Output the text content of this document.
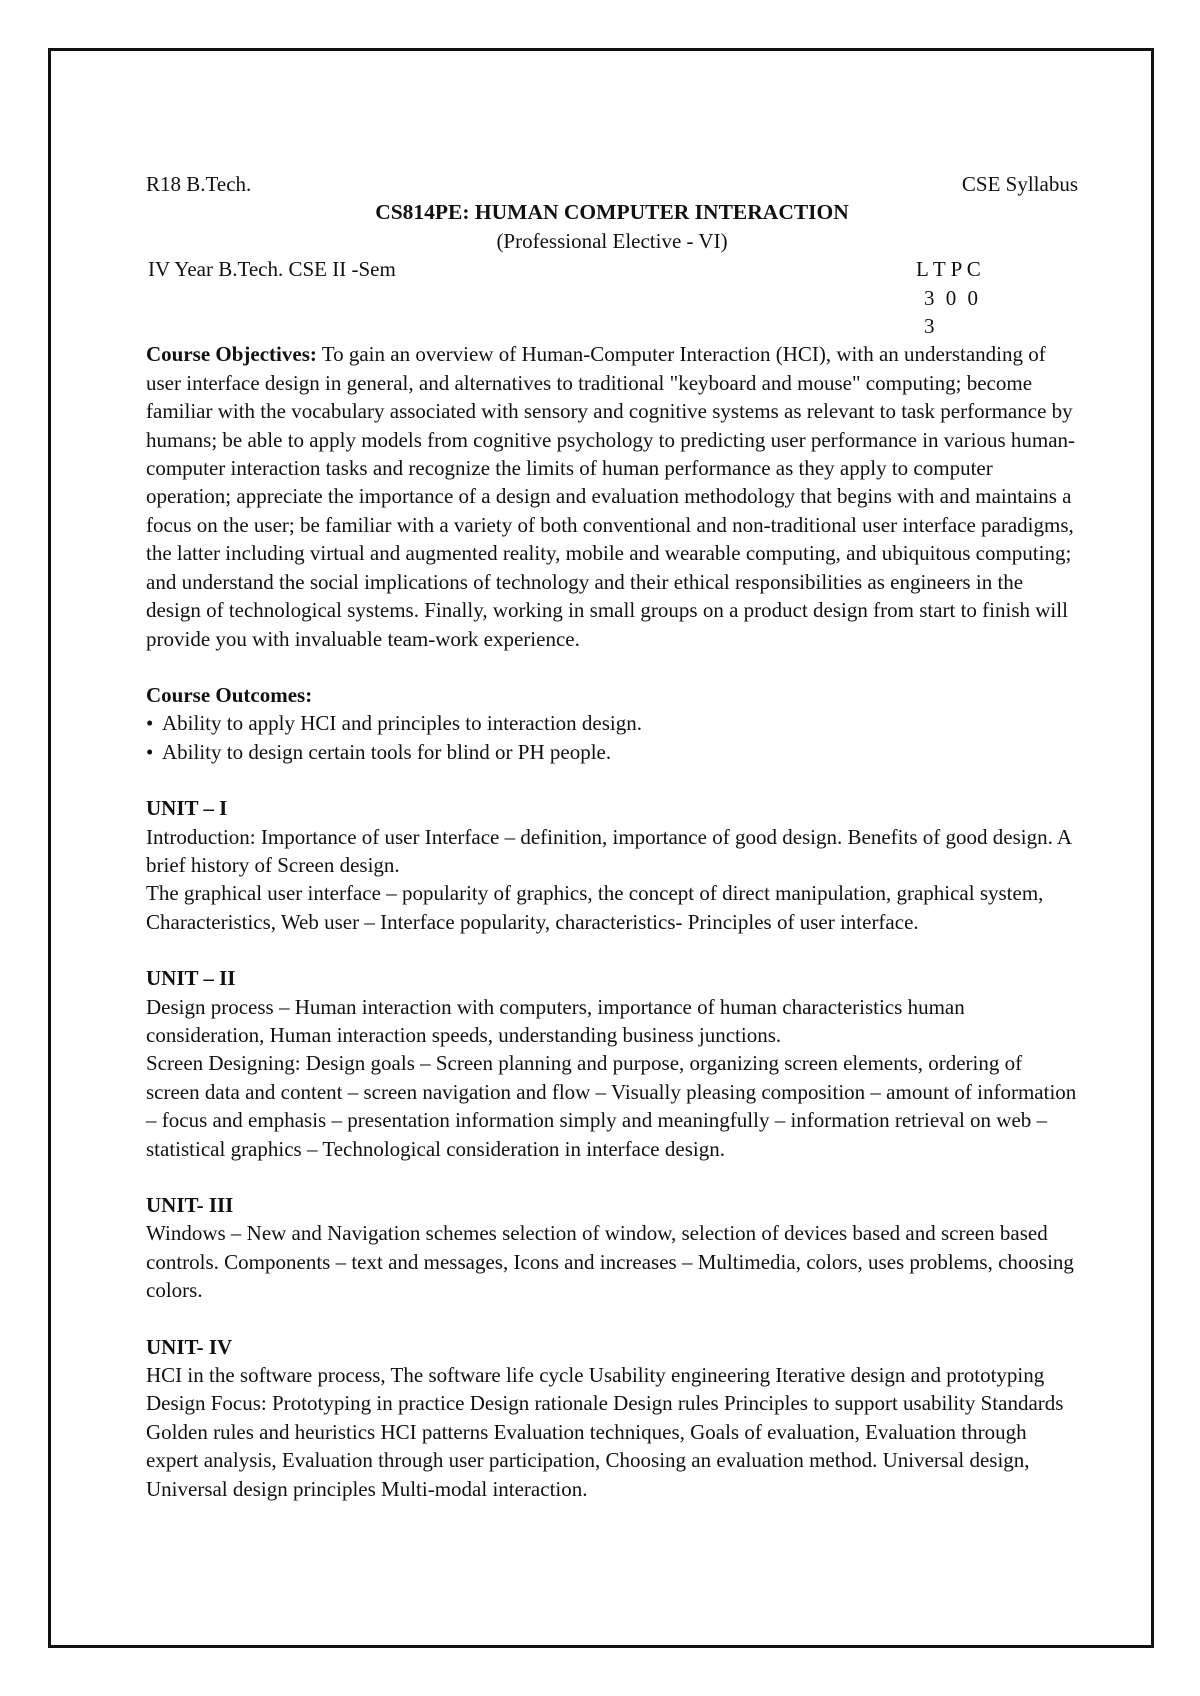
R18 B.Tech.	CSE Syllabus
CS814PE: HUMAN COMPUTER INTERACTION
(Professional Elective - VI)
IV Year B.Tech. CSE II -Sem	L T P C
3 0 0 3
Course Objectives: To gain an overview of Human-Computer Interaction (HCI), with an understanding of user interface design in general, and alternatives to traditional "keyboard and mouse" computing; become familiar with the vocabulary associated with sensory and cognitive systems as relevant to task performance by humans; be able to apply models from cognitive psychology to predicting user performance in various human-computer interaction tasks and recognize the limits of human performance as they apply to computer operation; appreciate the importance of a design and evaluation methodology that begins with and maintains a focus on the user; be familiar with a variety of both conventional and non-traditional user interface paradigms, the latter including virtual and augmented reality, mobile and wearable computing, and ubiquitous computing; and understand the social implications of technology and their ethical responsibilities as engineers in the design of technological systems. Finally, working in small groups on a product design from start to finish will provide you with invaluable team-work experience.
Course Outcomes:
• Ability to apply HCI and principles to interaction design.
• Ability to design certain tools for blind or PH people.
UNIT – I
Introduction: Importance of user Interface – definition, importance of good design. Benefits of good design. A brief history of Screen design.
The graphical user interface – popularity of graphics, the concept of direct manipulation, graphical system, Characteristics, Web user – Interface popularity, characteristics- Principles of user interface.
UNIT – II
Design process – Human interaction with computers, importance of human characteristics human consideration, Human interaction speeds, understanding business junctions.
Screen Designing: Design goals – Screen planning and purpose, organizing screen elements, ordering of screen data and content – screen navigation and flow – Visually pleasing composition – amount of information – focus and emphasis – presentation information simply and meaningfully – information retrieval on web – statistical graphics – Technological consideration in interface design.
UNIT- III
Windows – New and Navigation schemes selection of window, selection of devices based and screen based controls. Components – text and messages, Icons and increases – Multimedia, colors, uses problems, choosing colors.
UNIT- IV
HCI in the software process, The software life cycle Usability engineering Iterative design and prototyping
Design Focus: Prototyping in practice Design rationale Design rules Principles to support usability Standards Golden rules and heuristics HCI patterns Evaluation techniques, Goals of evaluation, Evaluation through expert analysis, Evaluation through user participation, Choosing an evaluation method. Universal design, Universal design principles Multi-modal interaction.
